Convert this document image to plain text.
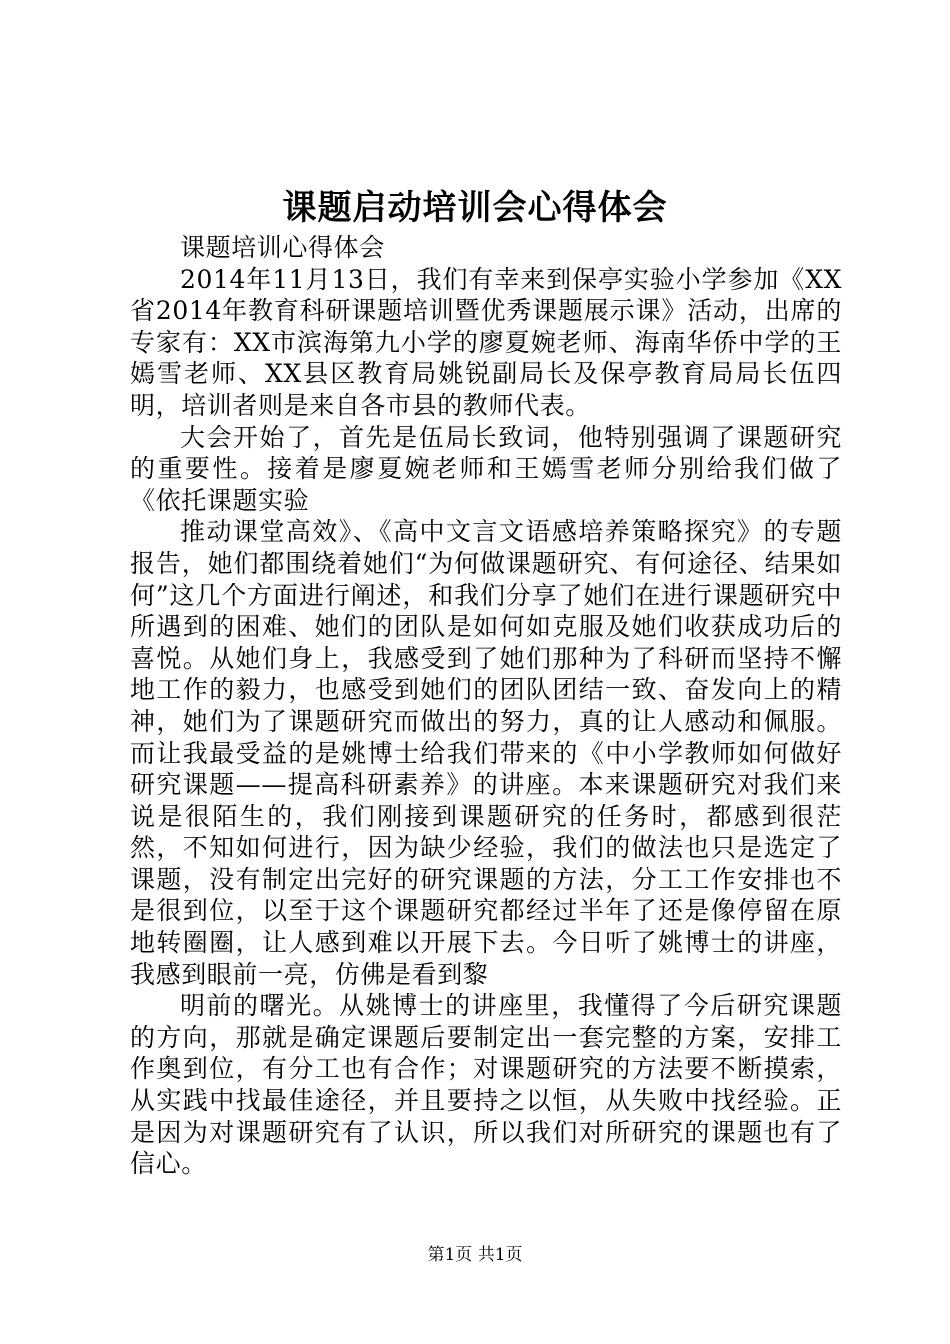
课题启动培训会心得体会

课题培训心得体会

2014年11月13日，我们有幸来到保亭实验小学参加《XX省2014年教育科研课题培训暨优秀课题展示课》活动，出席的专家有：XX市滨海第九小学的廖夏婉老师、海南华侨中学的王嫣雪老师、XX县区教育局姚锐副局长及保亭教育局局长伍四明，培训者则是来自各市县的教师代表。

大会开始了，首先是伍局长致词，他特别强调了课题研究的重要性。接着是廖夏婉老师和王嫣雪老师分别给我们做了《依托课题实验

推动课堂高效》、《高中文言文语感培养策略探究》的专题报告，她们都围绕着她们“为何做课题研究、有何途径、结果如何”这几个方面进行阐述，和我们分享了她们在进行课题研究中所遇到的困难、她们的团队是如何如克服及她们收获成功后的喜悦。从她们身上，我感受到了她们那种为了科研而坚持不懈地工作的毅力，也感受到她们的团队团结一致、奋发向上的精神，她们为了课题研究而做出的努力，真的让人感动和佩服。而让我最受益的是姚博士给我们带来的《中小学教师如何做好研究课题——提高科研素养》的讲座。本来课题研究对我们来说是很陌生的，我们刚接到课题研究的任务时，都感到很茫然，不知如何进行，因为缺少经验，我们的做法也只是选定了课题，没有制定出完好的研究课题的方法，分工工作安排也不是很到位，以至于这个课题研究都经过半年了还是像停留在原地转圈圈，让人感到难以开展下去。今日听了姚博士的讲座，我感到眼前一亮，仿佛是看到黎

明前的曙光。从姚博士的讲座里，我懂得了今后研究课题的方向，那就是确定课题后要制定出一套完整的方案，安排工作奥到位，有分工也有合作；对课题研究的方法要不断摸索，从实践中找最佳途径，并且要持之以恒，从失败中找经验。正是因为对课题研究有了认识，所以我们对所研究的课题也有了信心。

第1页 共1页
